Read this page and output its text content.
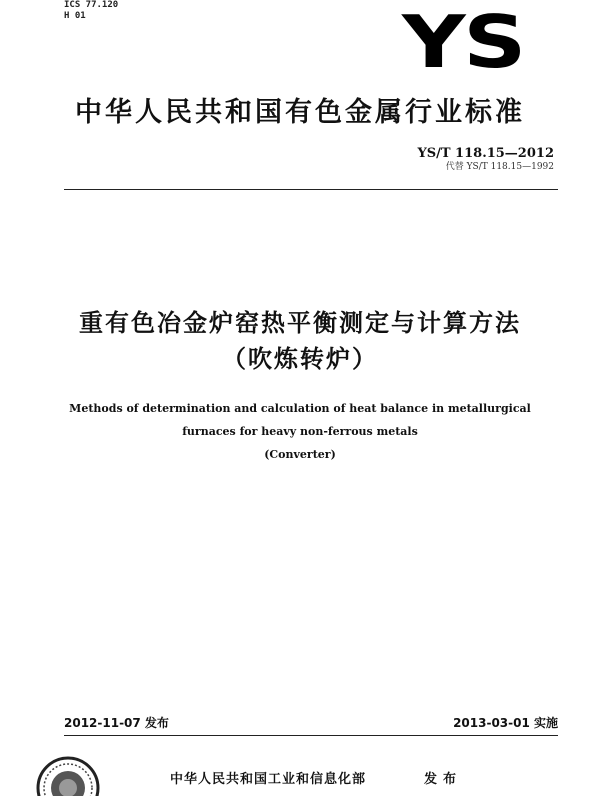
ICS 77.120
H 01	YS
中华人民共和国有色金属行业标准
YS/T 118.15—2012
代替 YS/T 118.15—1992
重有色冶金炉窑热平衡测定与计算方法
（吹炼转炉）
Methods of determination and calculation of heat balance in metallurgical
furnaces for heavy non-ferrous metals
(Converter)
2012-11-07 发布	2013-03-01 实施
中华人民共和国工业和信息化部	发布
